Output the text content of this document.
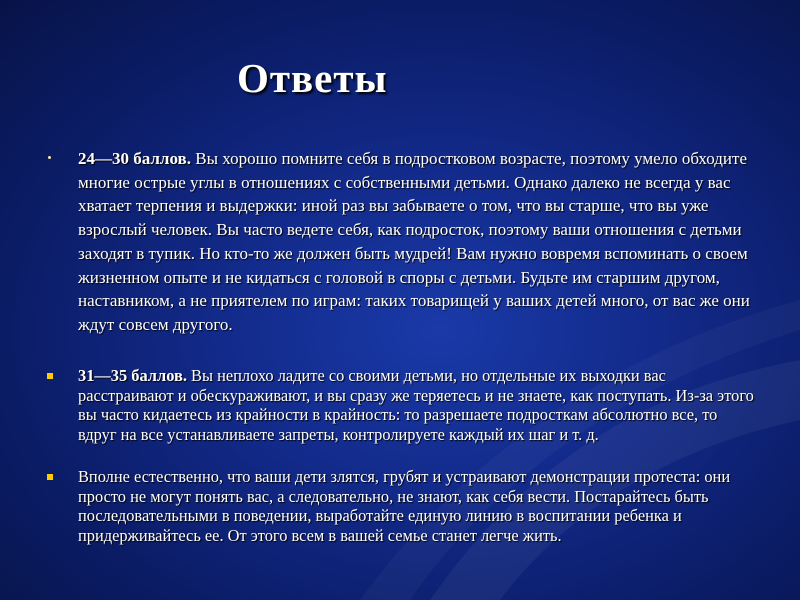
Ответы
24—30 баллов. Вы хорошо помните себя в подростковом возрасте, поэтому умело обходите многие острые углы в отношениях с собственными детьми. Однако далеко не всегда у вас хватает терпения и выдержки: иной раз вы забываете о том, что вы старше, что вы уже взрослый человек. Вы часто ведете себя, как подросток, поэтому ваши отношения с детьми заходят в тупик. Но кто-то же должен быть мудрей! Вам нужно вовремя вспоминать о своем жизненном опыте и не кидаться с головой в споры с детьми. Будьте им старшим другом, наставником, а не приятелем по играм: таких товарищей у ваших детей много, от вас же они ждут совсем другого.
31—35 баллов. Вы неплохо ладите со своими детьми, но отдельные их выходки вас расстраивают и обескураживают, и вы сразу же теряетесь и не знаете, как поступать. Из-за этого вы часто кидаетесь из крайности в крайность: то разрешаете подросткам абсолютно все, то вдруг на все устанавливаете запреты, контролируете каждый их шаг и т. д.
Вполне естественно, что ваши дети злятся, грубят и устраивают демонстрации протеста: они просто не могут понять вас, а следовательно, не знают, как себя вести. Постарайтесь быть последовательными в поведении, выработайте единую линию в воспитании ребенка и придерживайтесь ее. От этого всем в вашей семье станет легче жить.
